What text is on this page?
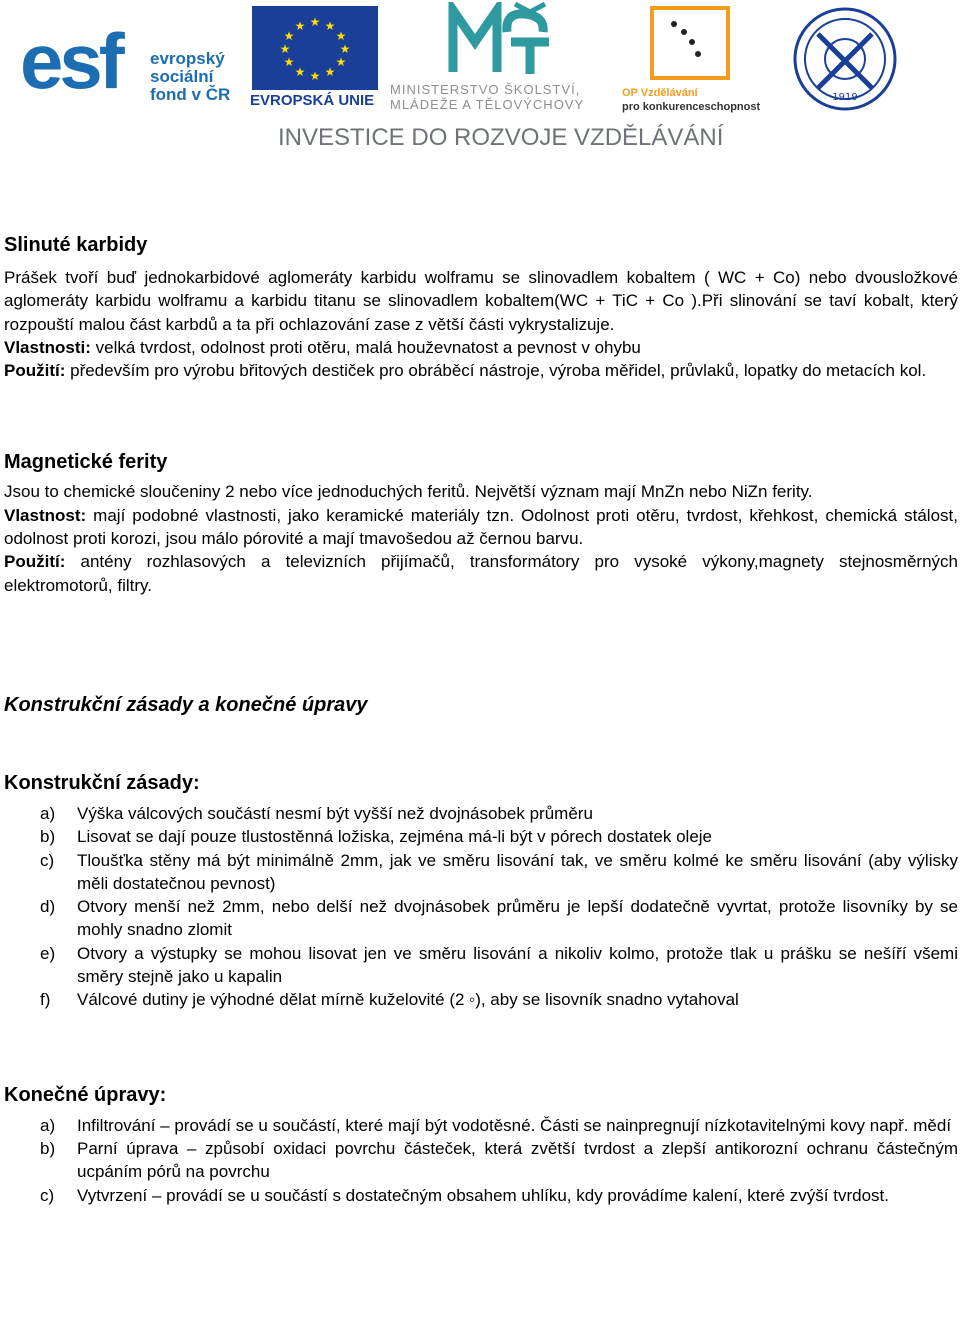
esf evropský
sociální
fond v ČR
★ ★
★
★
★
★
★
★
★
★
★
★
EVROPSKÁ UNIE
MINISTERSTVO ŠKOLSTVÍ,
MLÁDEŽE A TĚLOVÝCHOVY
OP Vzdělávání
pro konkurenceschopnost
1919
INVESTICE DO ROZVOJE VZDĚLÁVÁNÍ
Slinuté karbidy

Prášek tvoří buď jednokarbidové aglomeráty karbidu wolframu se slinovadlem kobaltem ( WC + Co) nebo dvousložkové aglomeráty karbidu wolframu a karbidu titanu se slinovadlem kobaltem(WC + TiC + Co ).Při slinování se taví kobalt, který rozpouští malou část karbdů a ta při ochlazování zase z větší části vykrystalizuje.

Vlastnosti: velká tvrdost, odolnost proti otěru, malá houževnatost a pevnost v ohybu

Použití: především pro výrobu břitových destiček pro obráběcí nástroje, výroba měřidel, průvlaků, lopatky do metacích kol.

Magnetické ferity

Jsou to chemické sloučeniny 2 nebo více jednoduchých feritů. Největší význam mají MnZn nebo NiZn ferity.

Vlastnost: mají podobné vlastnosti, jako keramické materiály tzn. Odolnost proti otěru, tvrdost, křehkost, chemická stálost, odolnost proti korozi, jsou málo pórovité a mají tmavošedou až černou barvu.

Použití: antény rozhlasových a televizních přijímačů, transformátory pro vysoké výkony,magnety stejnosměrných elektromotorů, filtry.

Konstrukční zásady a konečné úpravy
Konstrukční zásady:
a) Výška válcových součástí nesmí být vyšší než dvojnásobek průměru
b) Lisovat se dají pouze tlustostěnná ložiska, zejména má-li být v pórech dostatek oleje
c) Tloušťka stěny má být minimálně 2mm, jak ve směru lisování tak, ve směru kolmé ke směru lisování (aby výlisky měli dostatečnou pevnost)
d) Otvory menší než 2mm, nebo delší než dvojnásobek průměru je lepší dodatečně vyvrtat, protože lisovníky by se mohly snadno zlomit
e) Otvory a výstupky se mohou lisovat jen ve směru lisování a nikoliv kolmo, protože tlak u prášku se nešíří všemi směry stejně jako u kapalin
f) Válcové dutiny je výhodné dělat mírně kuželovité (2 ◦), aby se lisovník snadno vytahoval
Konečné úpravy:
a) Infiltrování – provádí se u součástí, které mají být vodotěsné. Části se nainpregnují nízkotavitelnými kovy např. mědí
b) Parní úprava – způsobí oxidaci povrchu částeček, která zvětší tvrdost a zlepší antikorozní ochranu částečným ucpáním pórů na povrchu
c) Vytvrzení – provádí se u součástí s dostatečným obsahem uhlíku, kdy provádíme kalení, které zvýší tvrdost.
